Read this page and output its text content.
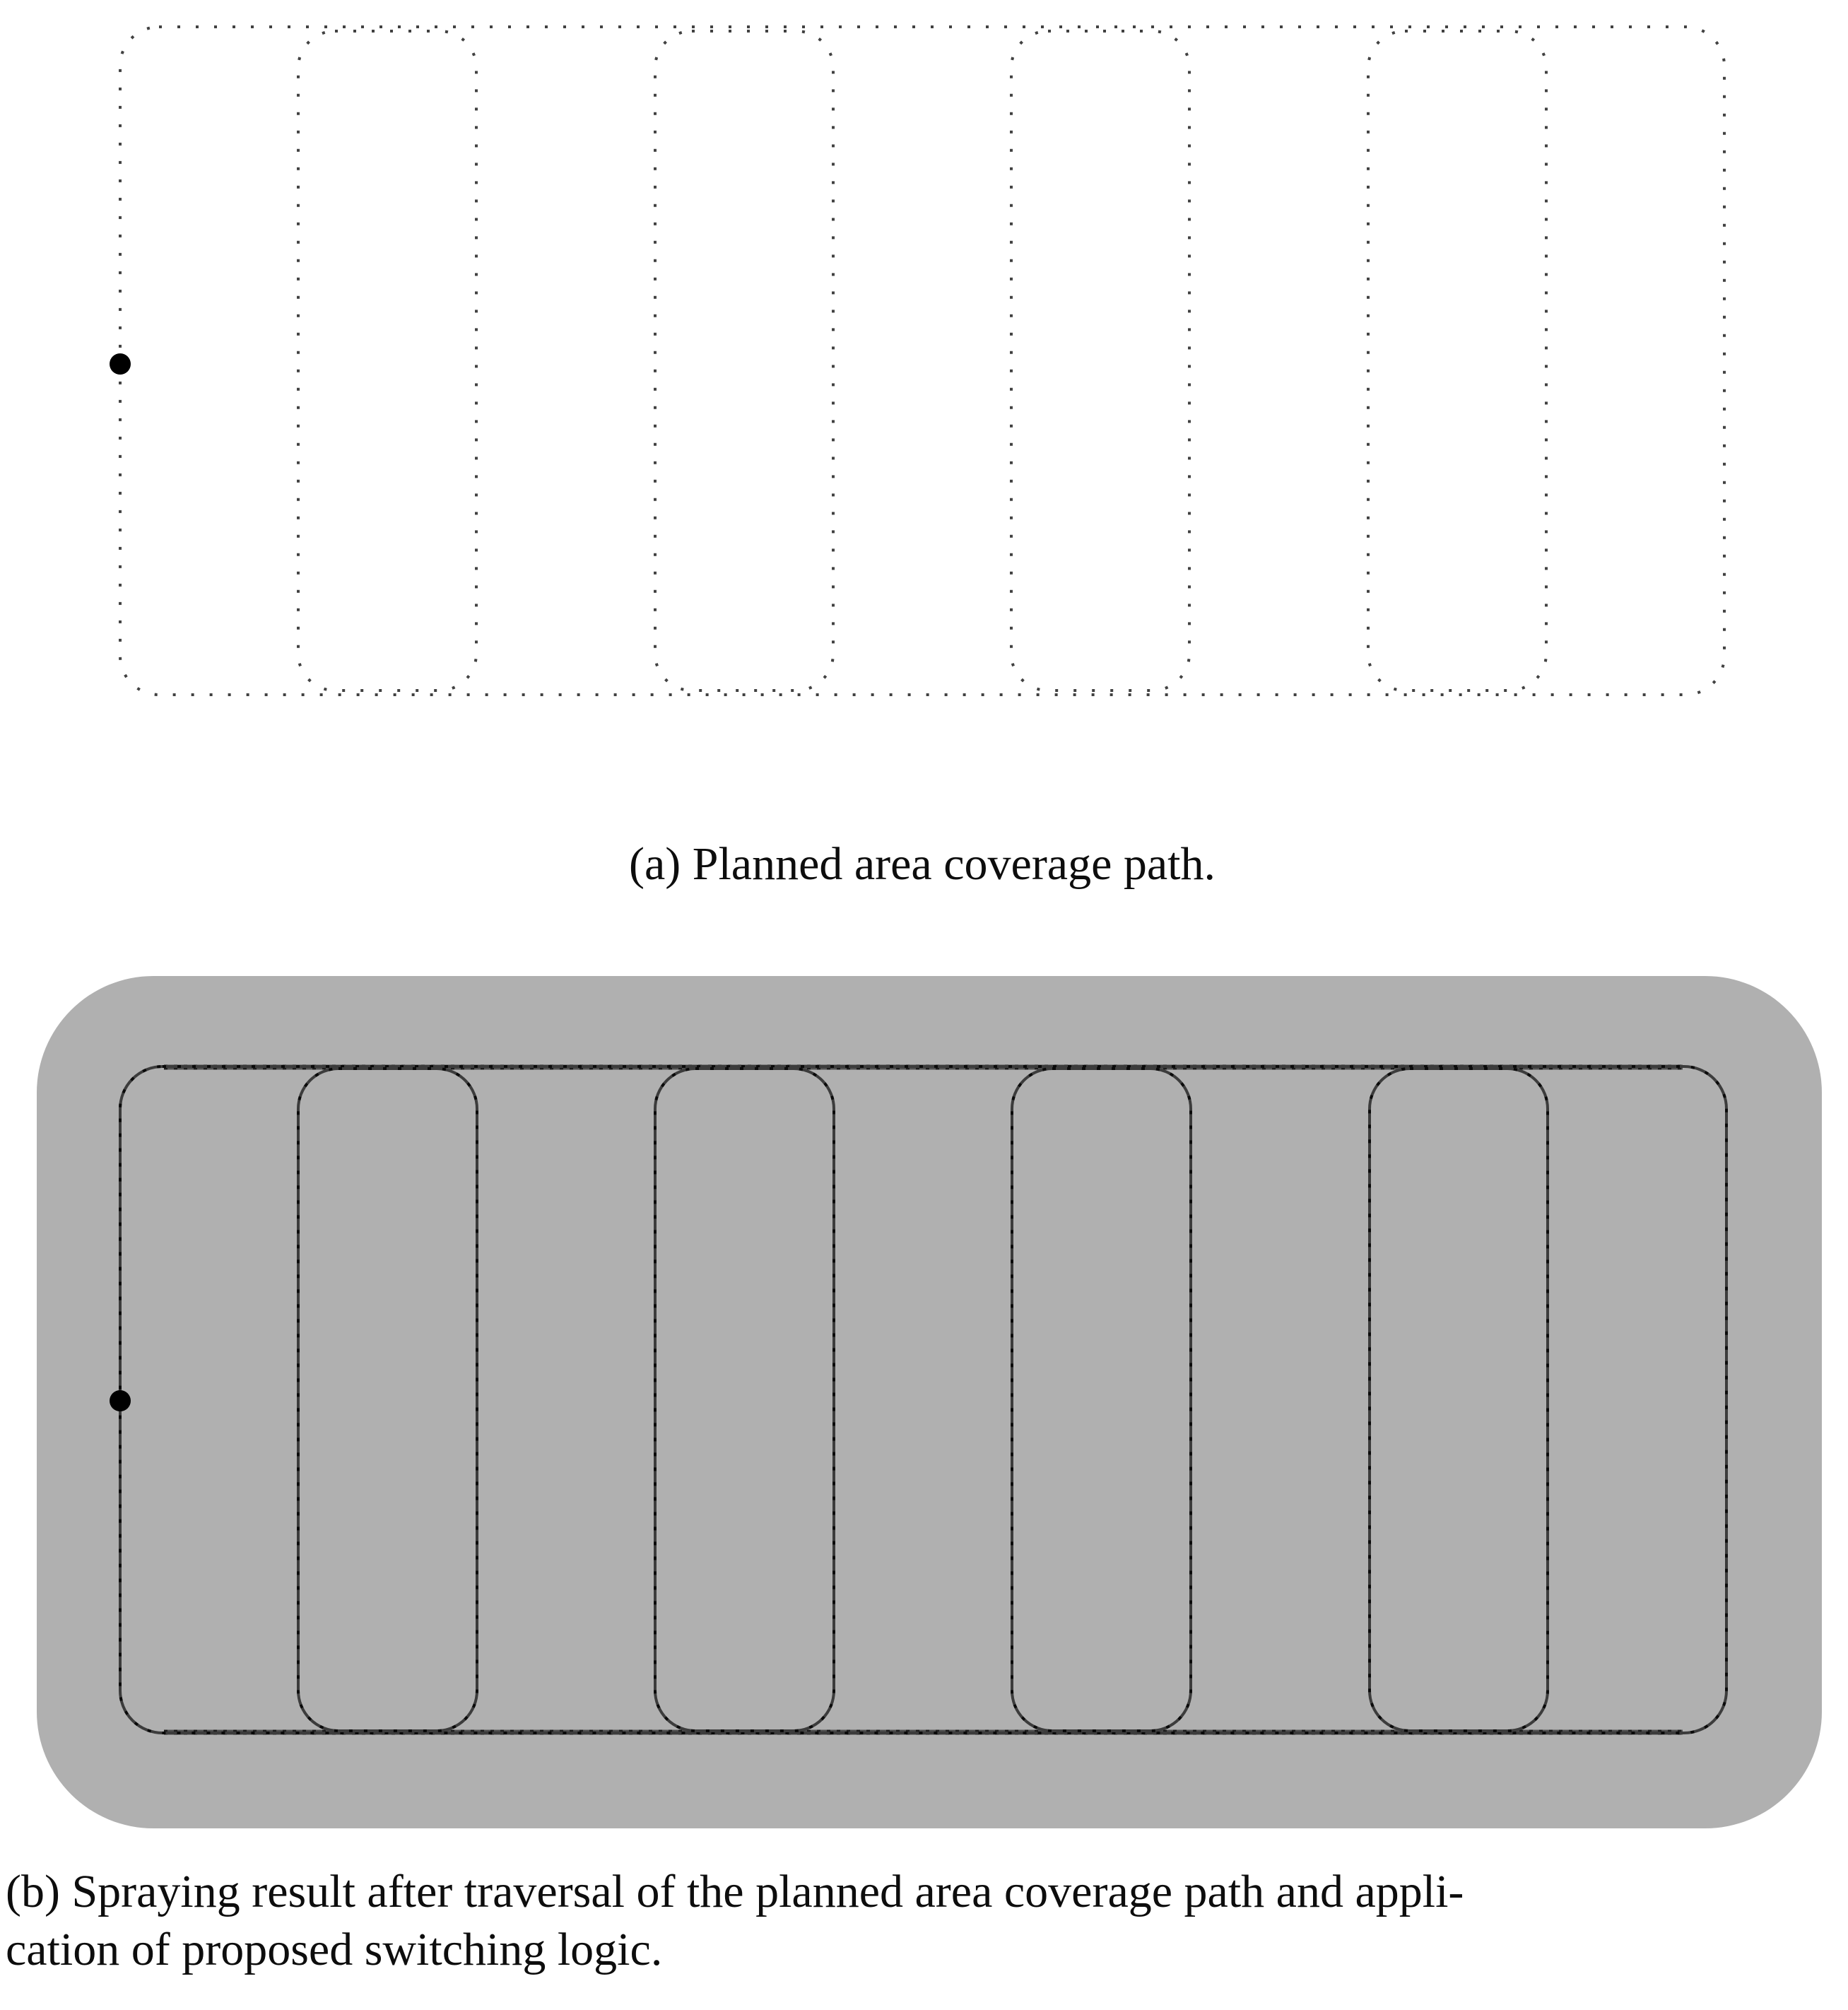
(a) Planned area coverage path.
(b) Spraying result after traversal of the planned area coverage path and appli-
cation of proposed switching logic.
